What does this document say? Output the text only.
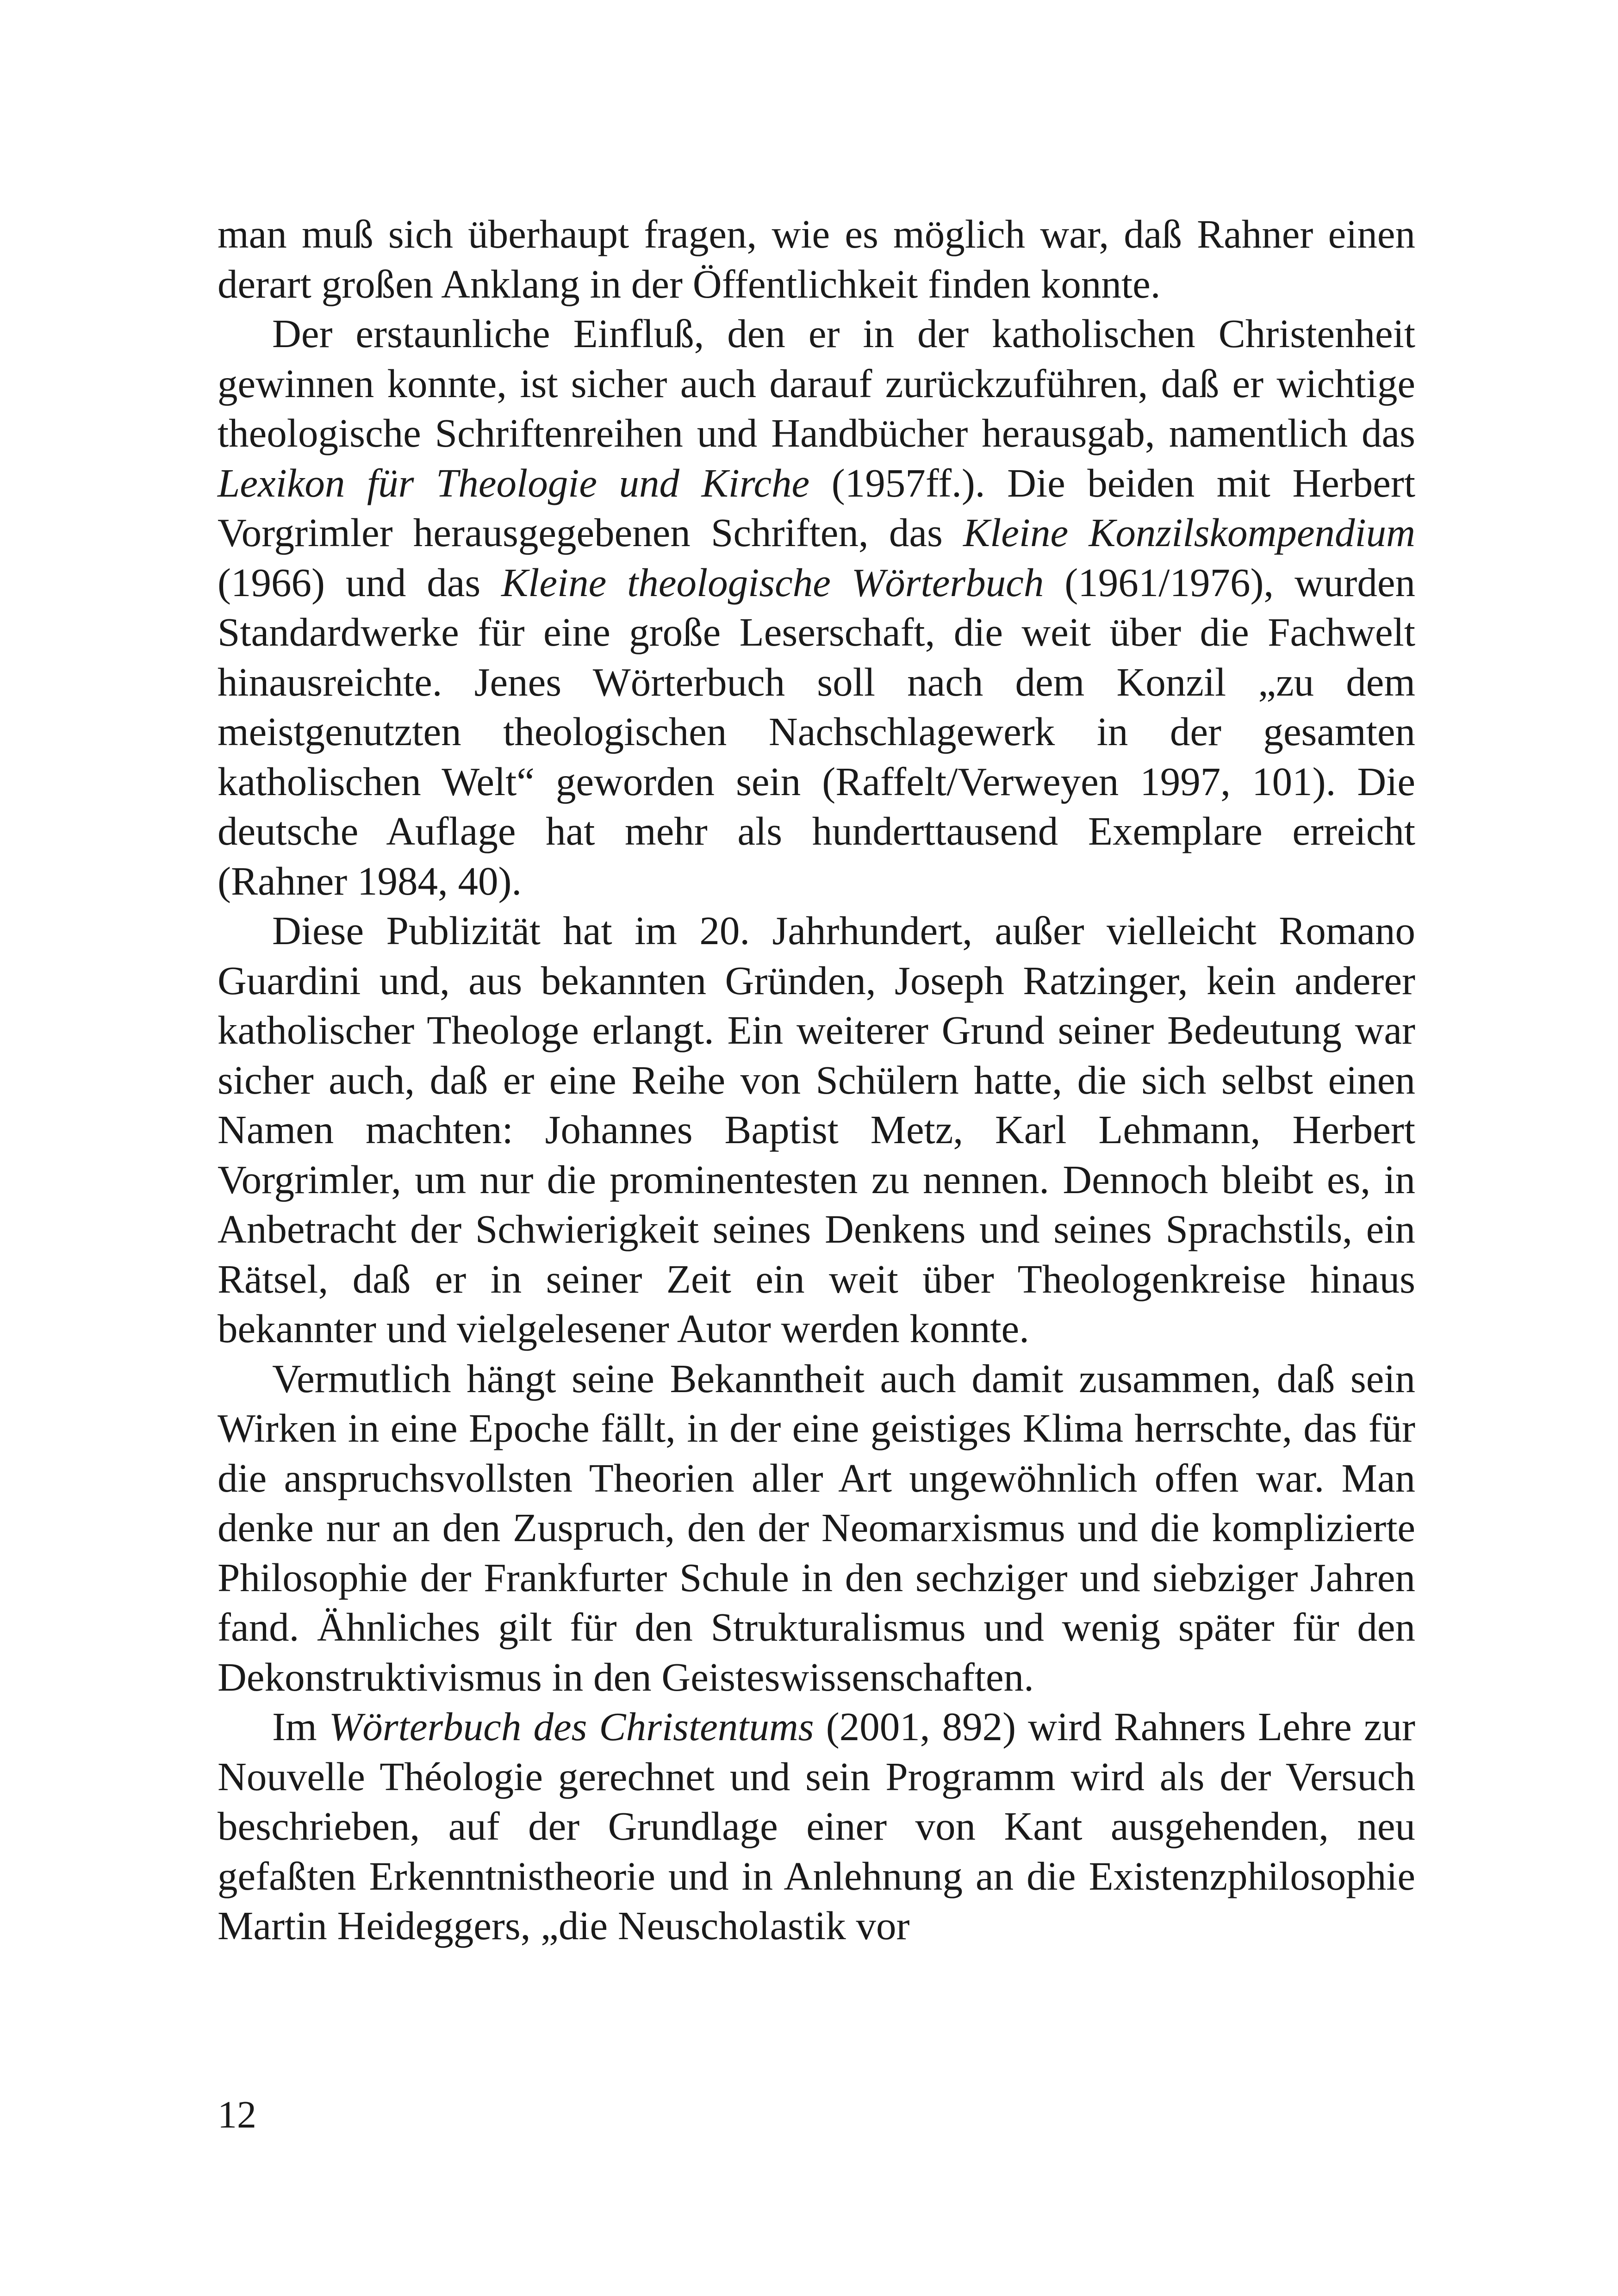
man muß sich überhaupt fragen, wie es möglich war, daß Rahner einen derart großen Anklang in der Öffentlichkeit finden konnte.

Der erstaunliche Einfluß, den er in der katholischen Christenheit gewinnen konnte, ist sicher auch darauf zurückzuführen, daß er wichtige theologische Schriftenreihen und Handbücher herausgab, namentlich das Lexikon für Theologie und Kirche (1957ff.). Die beiden mit Herbert Vorgrimler herausgegebenen Schriften, das Kleine Konzilskompendium (1966) und das Kleine theologische Wörterbuch (1961/1976), wurden Standardwerke für eine große Leserschaft, die weit über die Fachwelt hinausreichte. Jenes Wörterbuch soll nach dem Konzil „zu dem meistgenutzten theologischen Nachschlagewerk in der gesamten katholischen Welt“ geworden sein (Raffelt/Verweyen 1997, 101). Die deutsche Auflage hat mehr als hunderttausend Exemplare erreicht (Rahner 1984, 40).

Diese Publizität hat im 20. Jahrhundert, außer vielleicht Romano Guardini und, aus bekannten Gründen, Joseph Ratzinger, kein anderer katholischer Theologe erlangt. Ein weiterer Grund seiner Bedeutung war sicher auch, daß er eine Reihe von Schülern hatte, die sich selbst einen Namen machten: Johannes Baptist Metz, Karl Lehmann, Herbert Vorgrimler, um nur die prominentesten zu nennen. Dennoch bleibt es, in Anbetracht der Schwierigkeit seines Denkens und seines Sprachstils, ein Rätsel, daß er in seiner Zeit ein weit über Theologenkreise hinaus bekannter und vielgelesener Autor werden konnte.

Vermutlich hängt seine Bekanntheit auch damit zusammen, daß sein Wirken in eine Epoche fällt, in der eine geistiges Klima herrschte, das für die anspruchsvollsten Theorien aller Art ungewöhnlich offen war. Man denke nur an den Zuspruch, den der Neomarxismus und die komplizierte Philosophie der Frankfurter Schule in den sechziger und siebziger Jahren fand. Ähnliches gilt für den Strukturalismus und wenig später für den Dekonstruktivismus in den Geisteswissenschaften.

Im Wörterbuch des Christentums (2001, 892) wird Rahners Lehre zur Nouvelle Théologie gerechnet und sein Programm wird als der Versuch beschrieben, auf der Grundlage einer von Kant ausgehenden, neu gefaßten Erkenntnistheorie und in Anlehnung an die Existenzphilosophie Martin Heideggers, „die Neuscholastik vor

12
